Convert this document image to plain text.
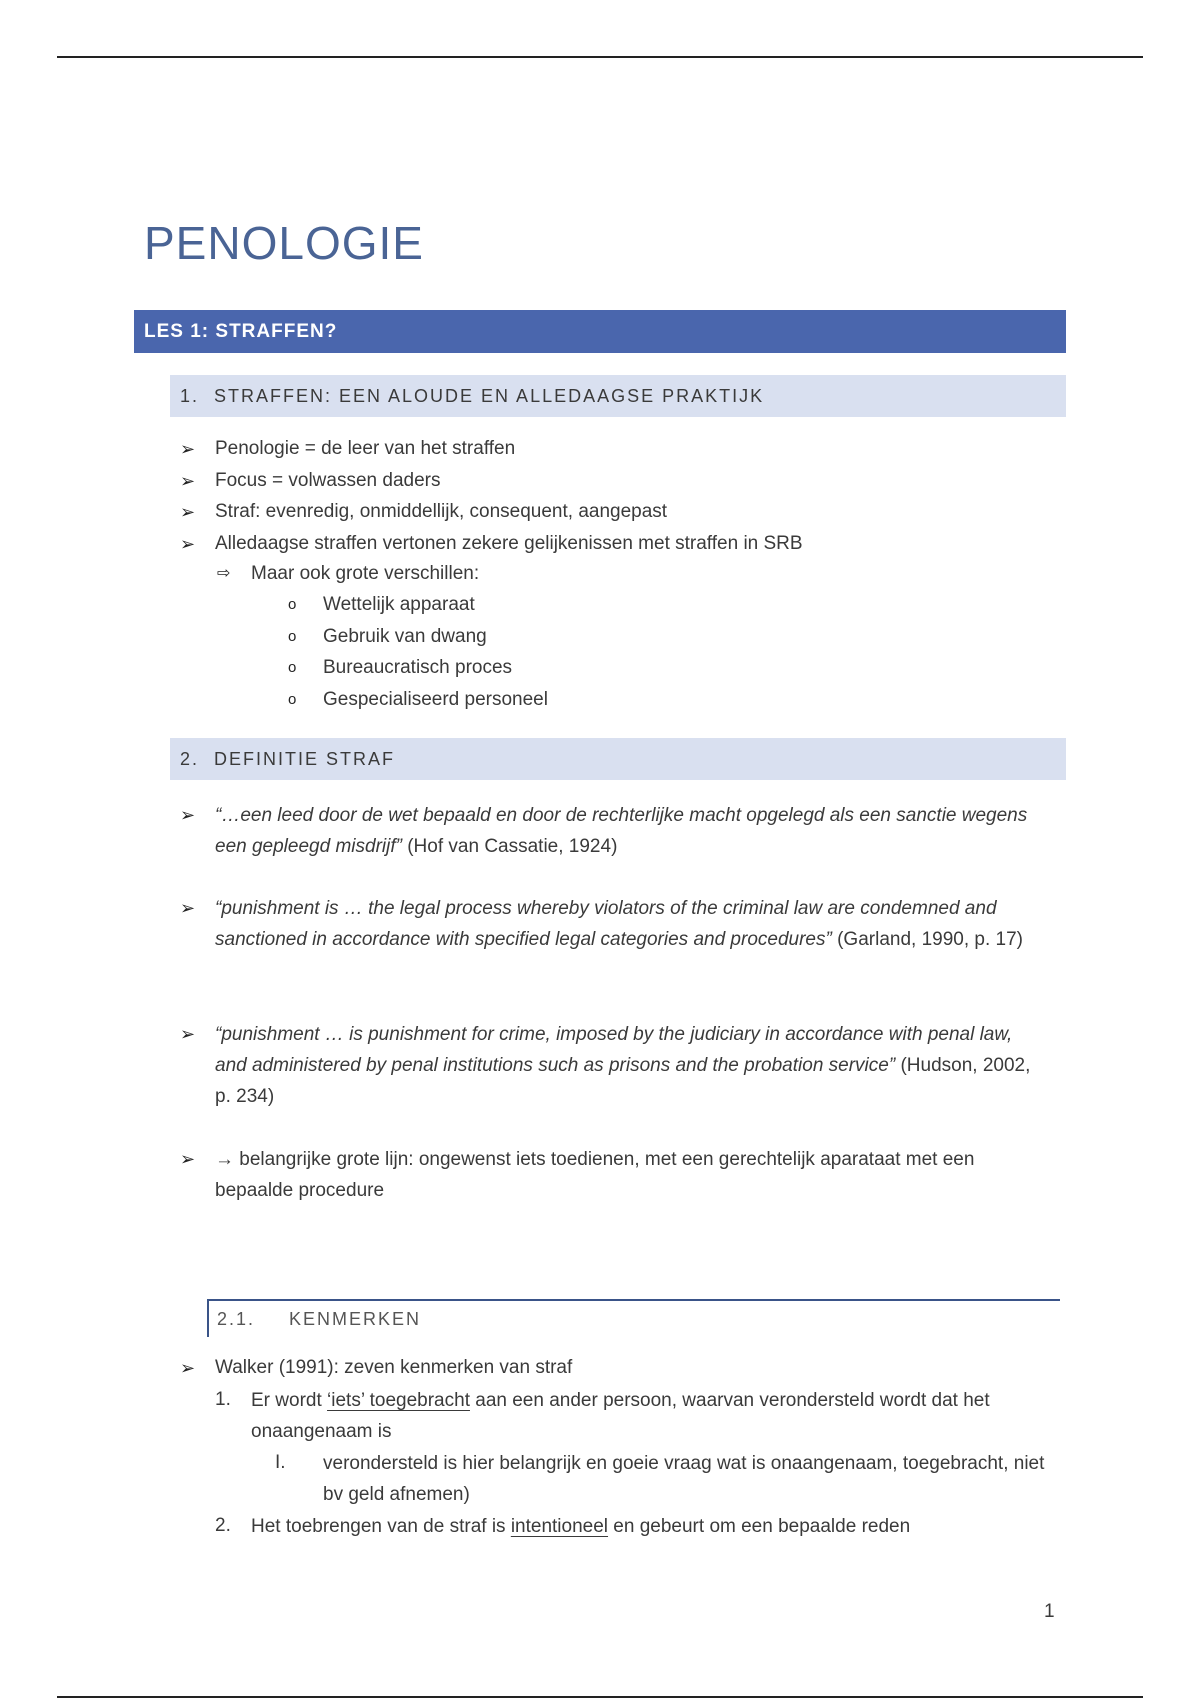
PENOLOGIE
LES 1: STRAFFEN?
1. STRAFFEN: EEN ALOUDE EN ALLEDAAGSE PRAKTIJK
➢ Penologie = de leer van het straffen
➢ Focus = volwassen daders
➢ Straf: evenredig, onmiddellijk, consequent, aangepast
➢ Alledaagse straffen vertonen zekere gelijkenissen met straffen in SRB
⇨ Maar ook grote verschillen:
o Wettelijk apparaat
o Gebruik van dwang
o Bureaucratisch proces
o Gespecialiseerd personeel
2. DEFINITIE STRAF
➢ “…een leed door de wet bepaald en door de rechterlijke macht opgelegd als een sanctie wegens een gepleegd misdrijf” (Hof van Cassatie, 1924)
➢ “punishment is … the legal process whereby violators of the criminal law are condemned and sanctioned in accordance with specified legal categories and procedures” (Garland, 1990, p. 17)
➢ “punishment … is punishment for crime, imposed by the judiciary in accordance with penal law, and administered by penal institutions such as prisons and the probation service” (Hudson, 2002, p. 234)
➢ → belangrijke grote lijn: ongewenst iets toedienen, met een gerechtelijk aparataat met een bepaalde procedure
2.1.	KENMERKEN
➢ Walker (1991): zeven kenmerken van straf
1. Er wordt ‘iets’ toegebracht aan een ander persoon, waarvan verondersteld wordt dat het onaangenaam is
I. verondersteld is hier belangrijk en goeie vraag wat is onaangenaam, toegebracht, niet bv geld afnemen)
2. Het toebrengen van de straf is intentioneel en gebeurt om een bepaalde reden
1
